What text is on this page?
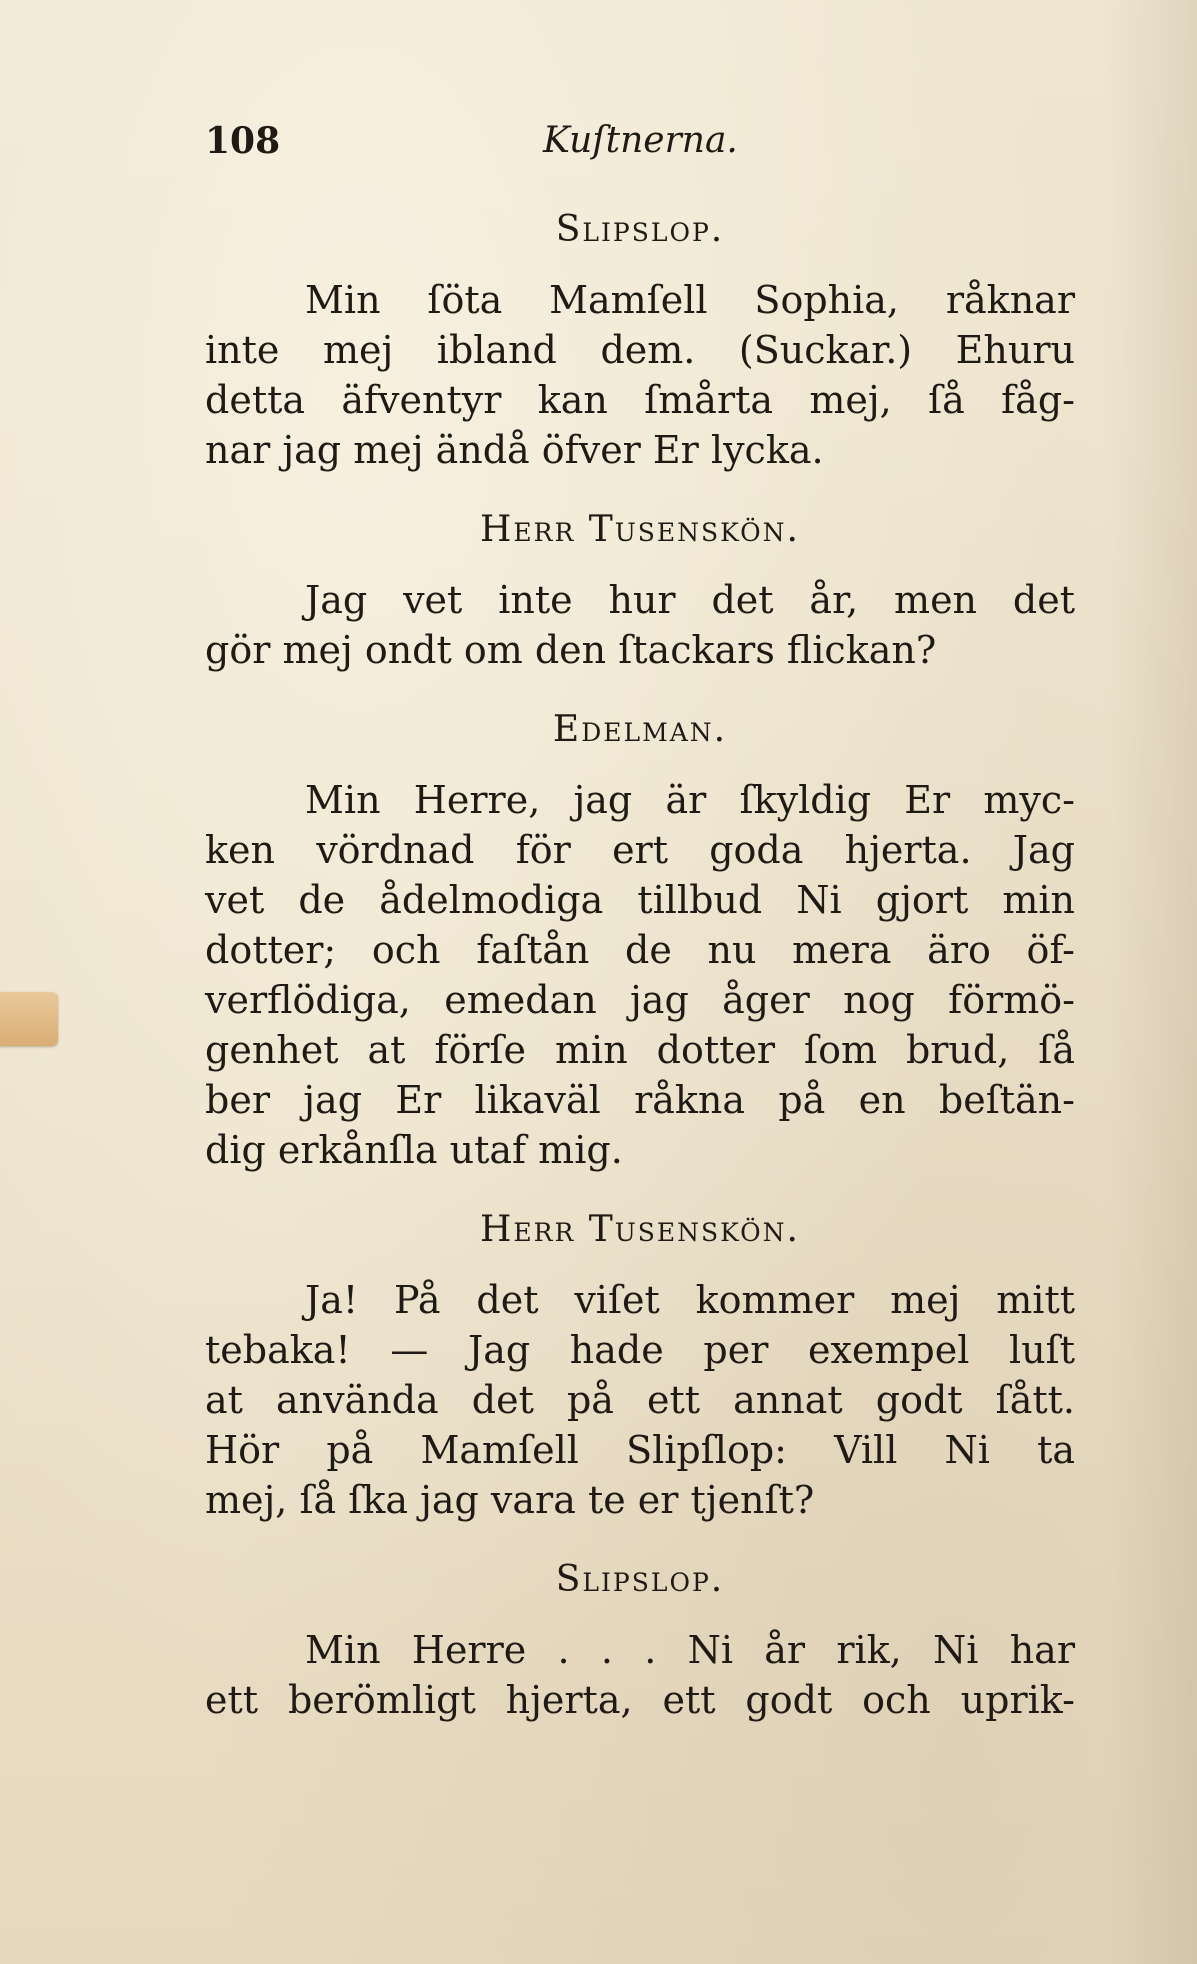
108	Kuſtnerna.
Slipslop.
Min ſöta Mamſell Sophia, råknar
inte mej ibland dem. (Suckar.) Ehuru
detta äfventyr kan ſmårta mej, ſå fåg-
nar jag mej ändå öfver Er lycka.
Herr Tusenskön.
Jag vet inte hur det år, men det
gör mej ondt om den ſtackars flickan?
Edelman.
Min Herre, jag är ſkyldig Er myc-
ken vördnad för ert goda hjerta. Jag
vet de ådelmodiga tillbud Ni gjort min
dotter; och faſtån de nu mera äro öf-
verflödiga, emedan jag åger nog förmö-
genhet at förſe min dotter ſom brud, ſå
ber jag Er likaväl råkna på en beſtän-
dig erkånſla utaf mig.
Herr Tusenskön.
Ja! På det viſet kommer mej mitt
tebaka! — Jag hade per exempel luſt
at använda det på ett annat godt ſått.
Hör på Mamſell Slipſlop: Vill Ni ta
mej, ſå ſka jag vara te er tjenſt?
Slipslop.
Min Herre . . . Ni år rik, Ni har
ett berömligt hjerta, ett godt och uprik-
